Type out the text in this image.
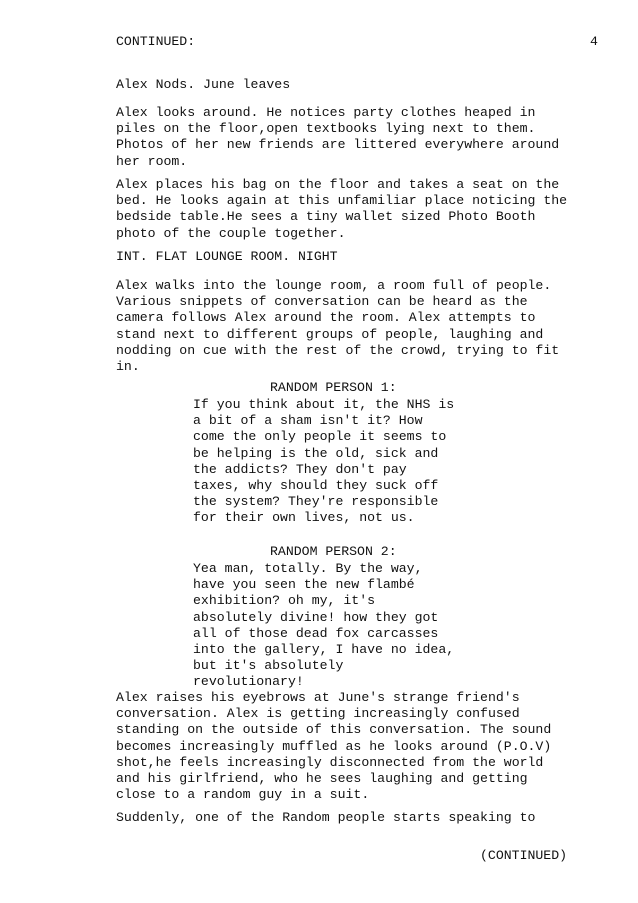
CONTINUED:	4

Alex Nods. June leaves

Alex looks around. He notices party clothes heaped in
piles on the floor,open textbooks lying next to them.
Photos of her new friends are littered everywhere around
her room.

Alex places his bag on the floor and takes a seat on the
bed. He looks again at this unfamiliar place noticing the
bedside table.He sees a tiny wallet sized Photo Booth
photo of the couple together.

INT. FLAT LOUNGE ROOM. NIGHT

Alex walks into the lounge room, a room full of people.
Various snippets of conversation can be heard as the
camera follows Alex around the room. Alex attempts to
stand next to different groups of people, laughing and
nodding on cue with the rest of the crowd, trying to fit
in.

RANDOM PERSON 1:

If you think about it, the NHS is
a bit of a sham isn't it? How
come the only people it seems to
be helping is the old, sick and
the addicts? They don't pay
taxes, why should they suck off
the system? They're responsible
for their own lives, not us.

RANDOM PERSON 2:

Yea man, totally. By the way,
have you seen the new flambé
exhibition? oh my, it's
absolutely divine! how they got
all of those dead fox carcasses
into the gallery, I have no idea,
but it's absolutely
revolutionary!

Alex raises his eyebrows at June's strange friend's
conversation. Alex is getting increasingly confused
standing on the outside of this conversation. The sound
becomes increasingly muffled as he looks around (P.O.V)
shot,he feels increasingly disconnected from the world
and his girlfriend, who he sees laughing and getting
close to a random guy in a suit.

Suddenly, one of the Random people starts speaking to

(CONTINUED)
